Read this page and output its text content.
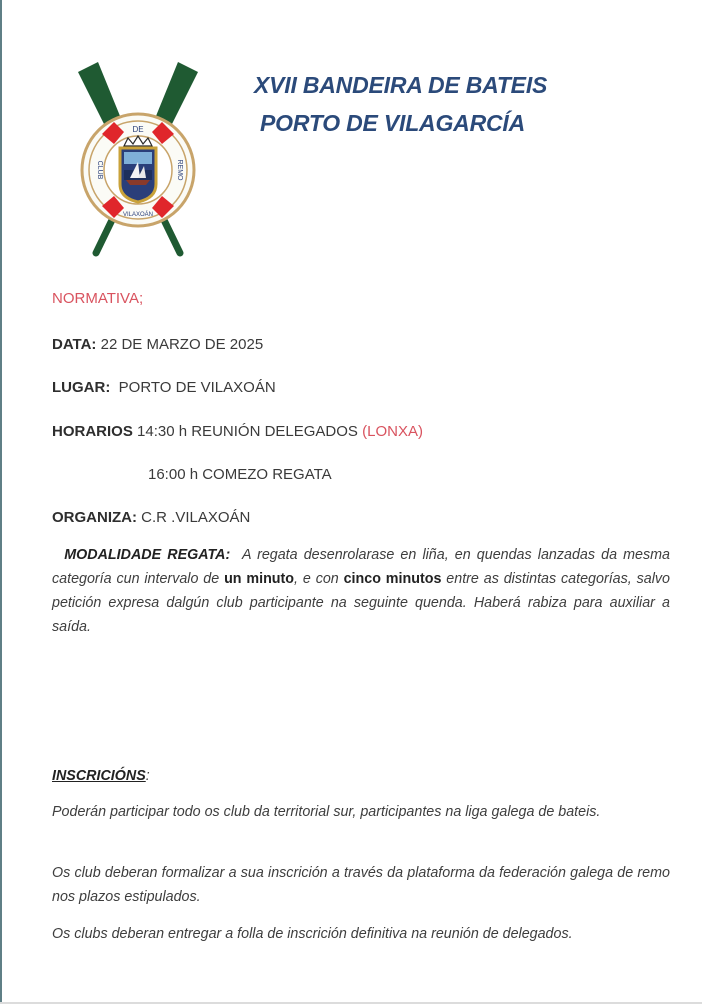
DE
CLUB	REMO
VILAXOÁN
XVII BANDEIRA DE BATEIS
PORTO DE VILAGARCÍA
NORMATIVA;
DATA: 22 DE MARZO DE 2025
LUGAR: PORTO DE VILAXOÁN
HORARIOS 14:30 h REUNIÓN DELEGADOS (LONXA)
16:00 h COMEZO REGATA
ORGANIZA: C.R .VILAXOÁN
MODALIDADE REGATA: A regata desenrolarase en liña, en quendas lanzadas da mesma categoría cun intervalo de un minuto, e con cinco minutos entre as distintas categorías, salvo petición expresa dalgún club participante na seguinte quenda. Haberá rabiza para auxiliar a saída.
INSCRICIÓNS:
Poderán participar todo os club da territorial sur, participantes na liga galega de bateis.
Os club deberan formalizar a sua inscrición a través da plataforma da federación galega de remo nos plazos estipulados.
Os clubs deberan entregar a folla de inscrición definitiva na reunión de delegados.
